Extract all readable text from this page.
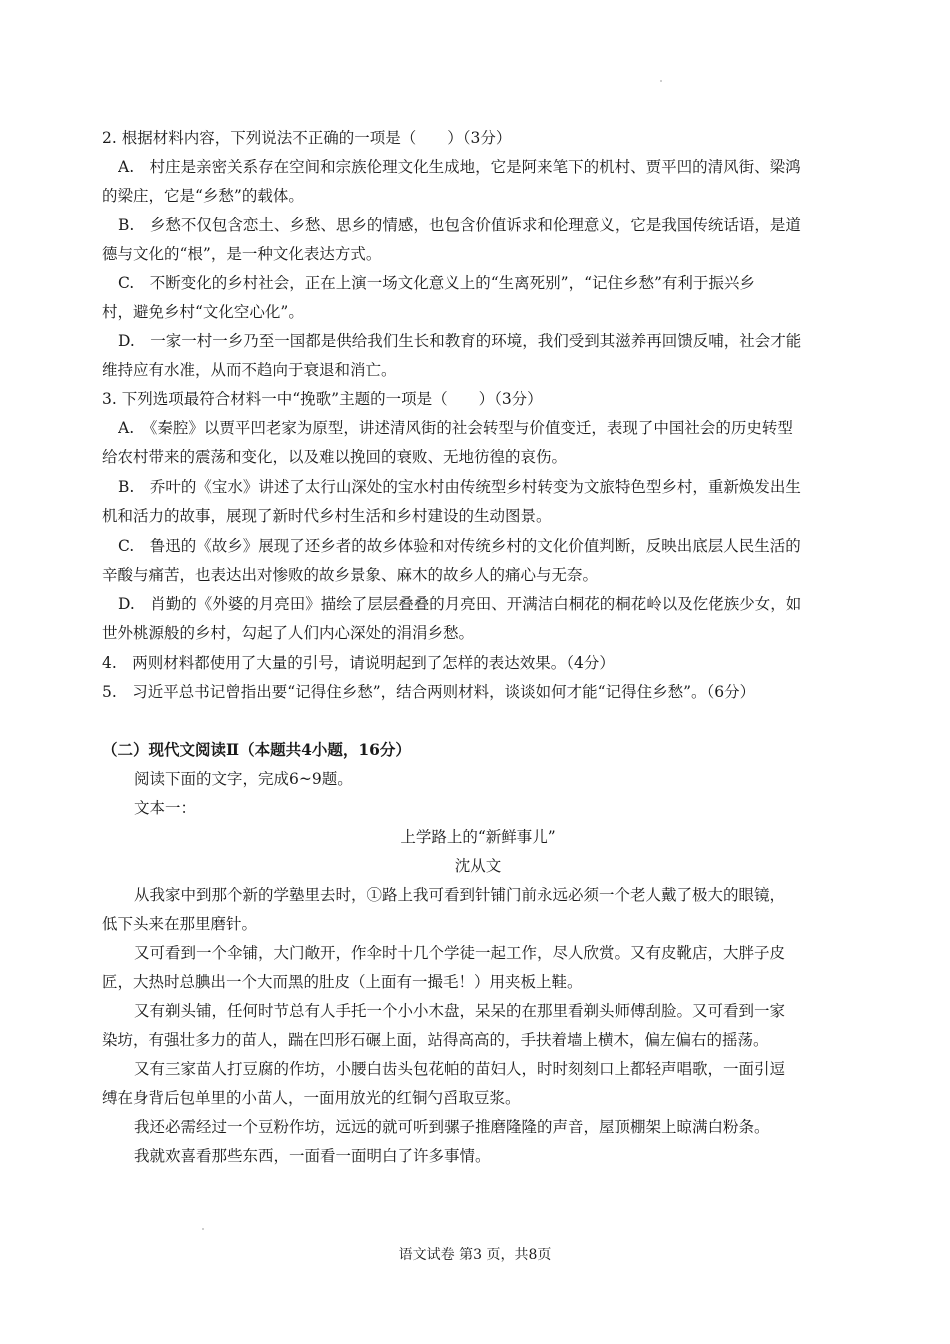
2. 根据材料内容，下列说法不正确的一项是（　　）（3分）
A.　村庄是亲密关系存在空间和宗族伦理文化生成地，它是阿来笔下的机村、贾平凹的清风街、梁鸿
的梁庄，它是“乡愁”的载体。
B.　乡愁不仅包含恋土、乡愁、思乡的情感，也包含价值诉求和伦理意义，它是我国传统话语，是道
德与文化的“根”，是一种文化表达方式。
C.　不断变化的乡村社会，正在上演一场文化意义上的“生离死别”，“记住乡愁”有利于振兴乡
村，避免乡村“文化空心化”。
D.　一家一村一乡乃至一国都是供给我们生长和教育的环境，我们受到其滋养再回馈反哺，社会才能
维持应有水准，从而不趋向于衰退和消亡。
3. 下列选项最符合材料一中“挽歌”主题的一项是（　　）（3分）
A.　《秦腔》以贾平凹老家为原型，讲述清风街的社会转型与价值变迁，表现了中国社会的历史转型
给农村带来的震荡和变化，以及难以挽回的衰败、无地彷徨的哀伤。
B.　乔叶的《宝水》讲述了太行山深处的宝水村由传统型乡村转变为文旅特色型乡村，重新焕发出生
机和活力的故事，展现了新时代乡村生活和乡村建设的生动图景。
C.　鲁迅的《故乡》展现了还乡者的故乡体验和对传统乡村的文化价值判断，反映出底层人民生活的
辛酸与痛苦，也表达出对惨败的故乡景象、麻木的故乡人的痛心与无奈。
D.　肖勤的《外婆的月亮田》描绘了层层叠叠的月亮田、开满洁白桐花的桐花岭以及仡佬族少女，如
世外桃源般的乡村，勾起了人们内心深处的涓涓乡愁。
4.　两则材料都使用了大量的引号，请说明起到了怎样的表达效果。（4分）
5.　习近平总书记曾指出要“记得住乡愁”，结合两则材料，谈谈如何才能“记得住乡愁”。（6分）
（二）现代文阅读Ⅱ（本题共4小题，16分）
阅读下面的文字，完成6~9题。
文本一：
上学路上的“新鲜事儿”
沈从文
从我家中到那个新的学塾里去时，①路上我可看到针铺门前永远必须一个老人戴了极大的眼镜，
低下头来在那里磨针。
又可看到一个伞铺，大门敞开，作伞时十几个学徒一起工作，尽人欣赏。又有皮靴店，大胖子皮
匠，大热时总腆出一个大而黑的肚皮（上面有一撮毛！）用夹板上鞋。
又有剃头铺，任何时节总有人手托一个小小木盘，呆呆的在那里看剃头师傅刮脸。又可看到一家
染坊，有强壮多力的苗人，踹在凹形石碾上面，站得高高的，手扶着墙上横木，偏左偏右的摇荡。
又有三家苗人打豆腐的作坊，小腰白齿头包花帕的苗妇人，时时刻刻口上都轻声唱歌，一面引逗
缚在身背后包单里的小苗人，一面用放光的红铜勺舀取豆浆。
我还必需经过一个豆粉作坊，远远的就可听到骡子推磨隆隆的声音，屋顶棚架上晾满白粉条。
我就欢喜看那些东西，一面看一面明白了许多事情。
语文试卷 第3 页，共8页
